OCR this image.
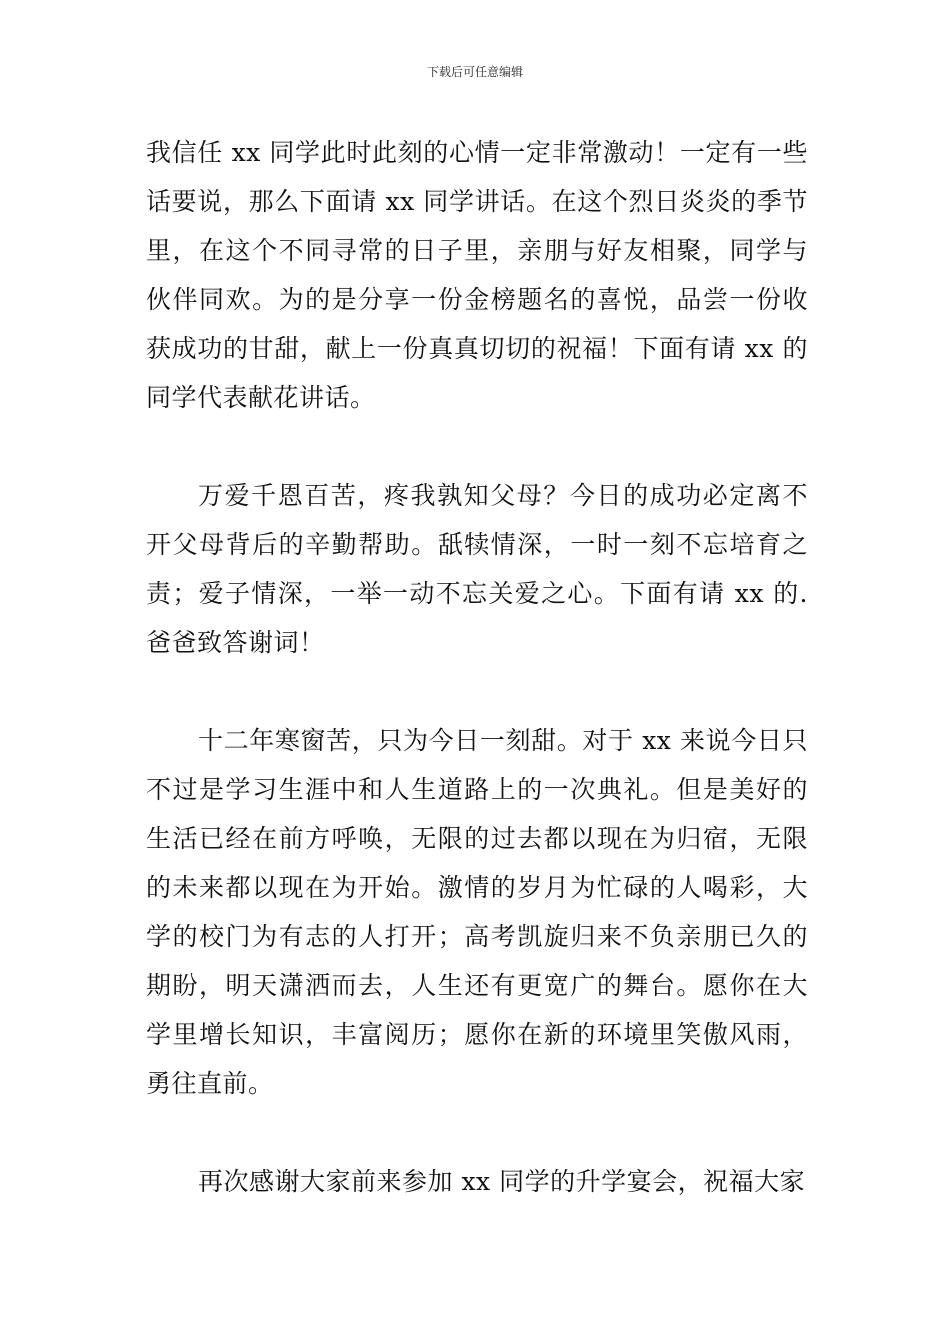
下载后可任意编辑

我信任 xx 同学此时此刻的心情一定非常激动！一定有一些话要说，那么下面请 xx 同学讲话。在这个烈日炎炎的季节里，在这个不同寻常的日子里，亲朋与好友相聚，同学与伙伴同欢。为的是分享一份金榜题名的喜悦，品尝一份收获成功的甘甜，献上一份真真切切的祝福！下面有请 xx 的同学代表献花讲话。

万爱千恩百苦，疼我孰知父母？今日的成功必定离不开父母背后的辛勤帮助。舐犊情深，一时一刻不忘培育之责；爱子情深，一举一动不忘关爱之心。下面有请 xx 的. 爸爸致答谢词！

十二年寒窗苦，只为今日一刻甜。对于 xx 来说今日只不过是学习生涯中和人生道路上的一次典礼。但是美好的生活已经在前方呼唤，无限的过去都以现在为归宿，无限的未来都以现在为开始。激情的岁月为忙碌的人喝彩，大学的校门为有志的人打开；高考凯旋归来不负亲朋已久的期盼，明天潇洒而去，人生还有更宽广的舞台。愿你在大学里增长知识，丰富阅历；愿你在新的环境里笑傲风雨，勇往直前。

再次感谢大家前来参加 xx 同学的升学宴会，祝福大家
